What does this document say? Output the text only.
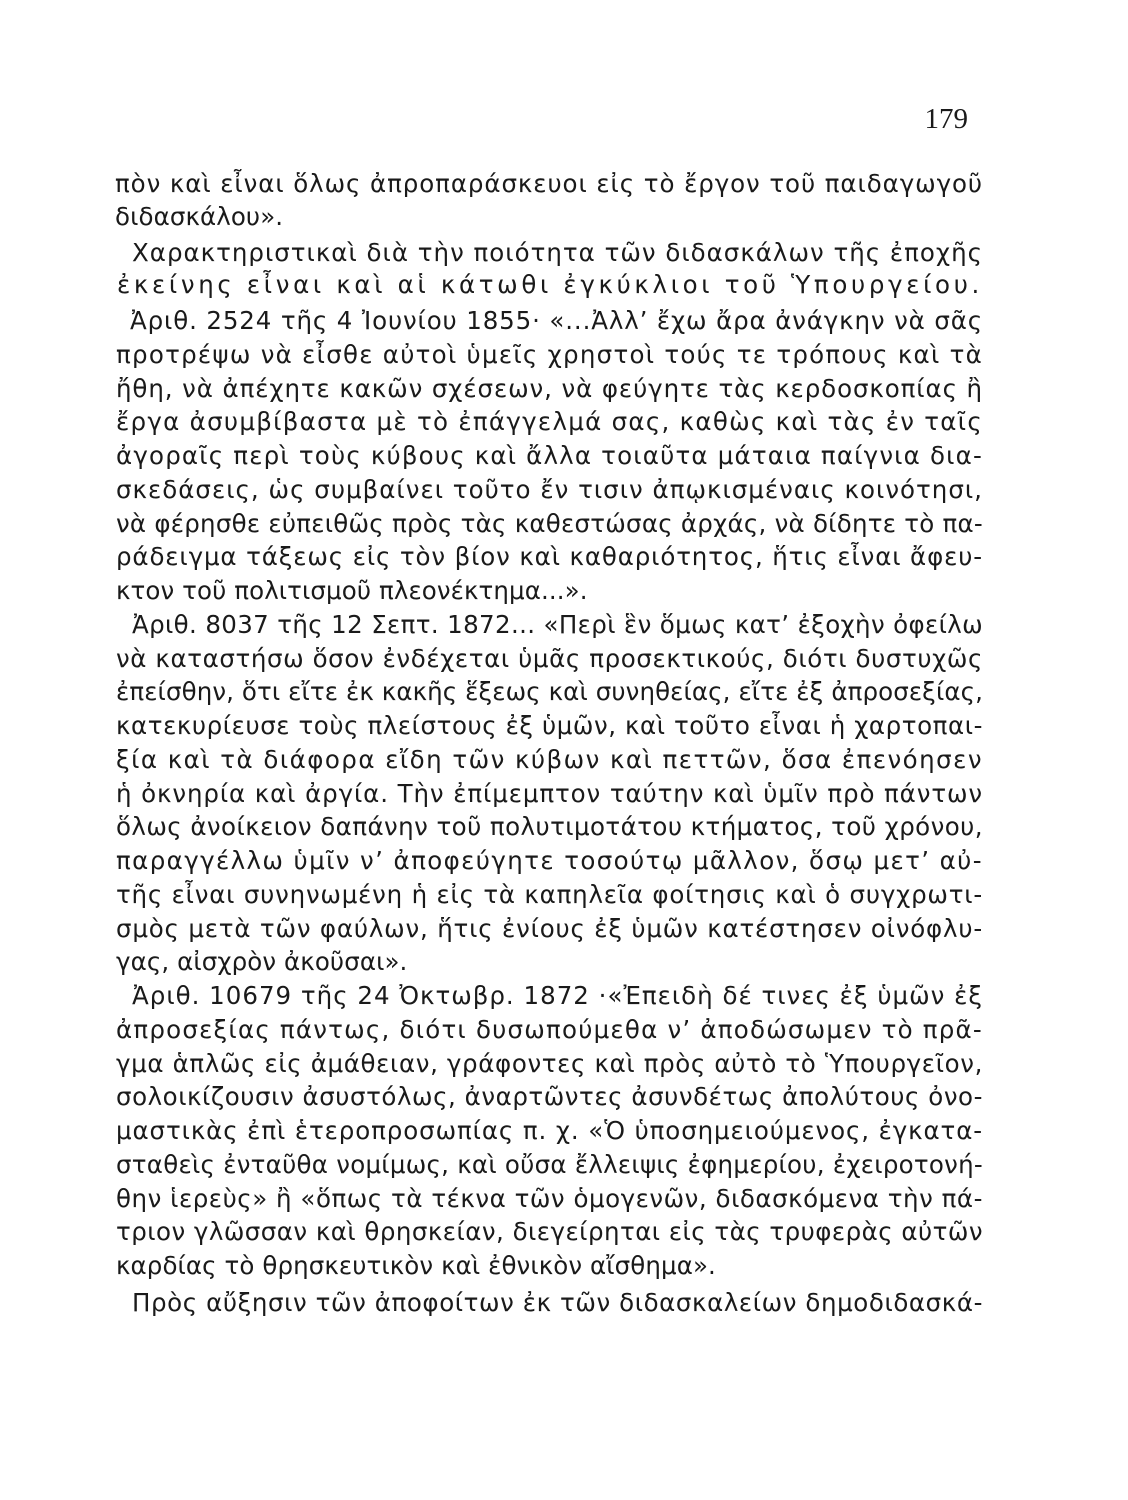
179
πὸν καὶ εἶναι ὅλως ἀπροπαράσκευοι εἰς τὸ ἔργον τοῦ παιδαγωγοῦ
διδασκάλου».
Χαρακτηριστικαὶ διὰ τὴν ποιότητα τῶν διδασκάλων τῆς ἐποχῆς
ἐκείνης εἶναι καὶ αἱ κάτωθι ἐγκύκλιοι τοῦ Ὑπουργείου.
Ἀριθ. 2524 τῆς 4 Ἰουνίου 1855· «...Ἀλλ’ ἔχω ἄρα ἀνάγκην νὰ σᾶς
προτρέψω νὰ εἶσθε αὐτοὶ ὑμεῖς χρηστοὶ τούς τε τρόπους καὶ τὰ
ἤθη, νὰ ἀπέχητε κακῶν σχέσεων, νὰ φεύγητε τὰς κερδοσκοπίας ἢ
ἔργα ἀσυμβίβαστα μὲ τὸ ἐπάγγελμά σας, καθὼς καὶ τὰς ἐν ταῖς
ἀγοραῖς περὶ τοὺς κύβους καὶ ἄλλα τοιαῦτα μάταια παίγνια δια-
σκεδάσεις, ὡς συμβαίνει τοῦτο ἔν τισιν ἀπῳκισμέναις κοινότησι,
νὰ φέρησθε εὐπειθῶς πρὸς τὰς καθεστώσας ἀρχάς, νὰ δίδητε τὸ πα-
ράδειγμα τάξεως εἰς τὸν βίον καὶ καθαριότητος, ἥτις εἶναι ἄφευ-
κτον τοῦ πολιτισμοῦ πλεονέκτημα...».
Ἀριθ. 8037 τῆς 12 Σεπτ. 1872... «Περὶ ἓν ὅμως κατ’ ἐξοχὴν ὀφείλω
νὰ καταστήσω ὅσον ἐνδέχεται ὑμᾶς προσεκτικούς, διότι δυστυχῶς
ἐπείσθην, ὅτι εἴτε ἐκ κακῆς ἕξεως καὶ συνηθείας, εἴτε ἐξ ἀπροσεξίας,
κατεκυρίευσε τοὺς πλείστους ἐξ ὑμῶν, καὶ τοῦτο εἶναι ἡ χαρτοπαι-
ξία καὶ τὰ διάφορα εἴδη τῶν κύβων καὶ πεττῶν, ὅσα ἐπενόησεν
ἡ ὀκνηρία καὶ ἀργία. Τὴν ἐπίμεμπτον ταύτην καὶ ὑμῖν πρὸ πάντων
ὅλως ἀνοίκειον δαπάνην τοῦ πολυτιμοτάτου κτήματος, τοῦ χρόνου,
παραγγέλλω ὑμῖν ν’ ἀποφεύγητε τοσούτῳ μᾶλλον, ὅσῳ μετ’ αὐ-
τῆς εἶναι συνηνωμένη ἡ εἰς τὰ καπηλεῖα φοίτησις καὶ ὁ συγχρωτι-
σμὸς μετὰ τῶν φαύλων, ἥτις ἐνίους ἐξ ὑμῶν κατέστησεν οἰνόφλυ-
γας, αἰσχρὸν ἀκοῦσαι».
Ἀριθ. 10679 τῆς 24 Ὀκτωβρ. 1872 ·«Ἐπειδὴ δέ τινες ἐξ ὑμῶν ἐξ
ἀπροσεξίας πάντως, διότι δυσωπούμεθα ν’ ἀποδώσωμεν τὸ πρᾶ-
γμα ἁπλῶς εἰς ἀμάθειαν, γράφοντες καὶ πρὸς αὐτὸ τὸ Ὑπουργεῖον,
σολοικίζουσιν ἀσυστόλως, ἀναρτῶντες ἀσυνδέτως ἀπολύτους ὀνο-
μαστικὰς ἐπὶ ἑτεροπροσωπίας π. χ. «Ὁ ὑποσημειούμενος, ἐγκατα-
σταθεὶς ἐνταῦθα νομίμως, καὶ οὔσα ἔλλειψις ἐφημερίου, ἐχειροτονή-
θην ἱερεὺς» ἢ «ὅπως τὰ τέκνα τῶν ὁμογενῶν, διδασκόμενα τὴν πά-
τριον γλῶσσαν καὶ θρησκείαν, διεγείρηται εἰς τὰς τρυφερὰς αὐτῶν
καρδίας τὸ θρησκευτικὸν καὶ ἐθνικὸν αἴσθημα».
Πρὸς αὔξησιν τῶν ἀποφοίτων ἐκ τῶν διδασκαλείων δημοδιδασκά-
